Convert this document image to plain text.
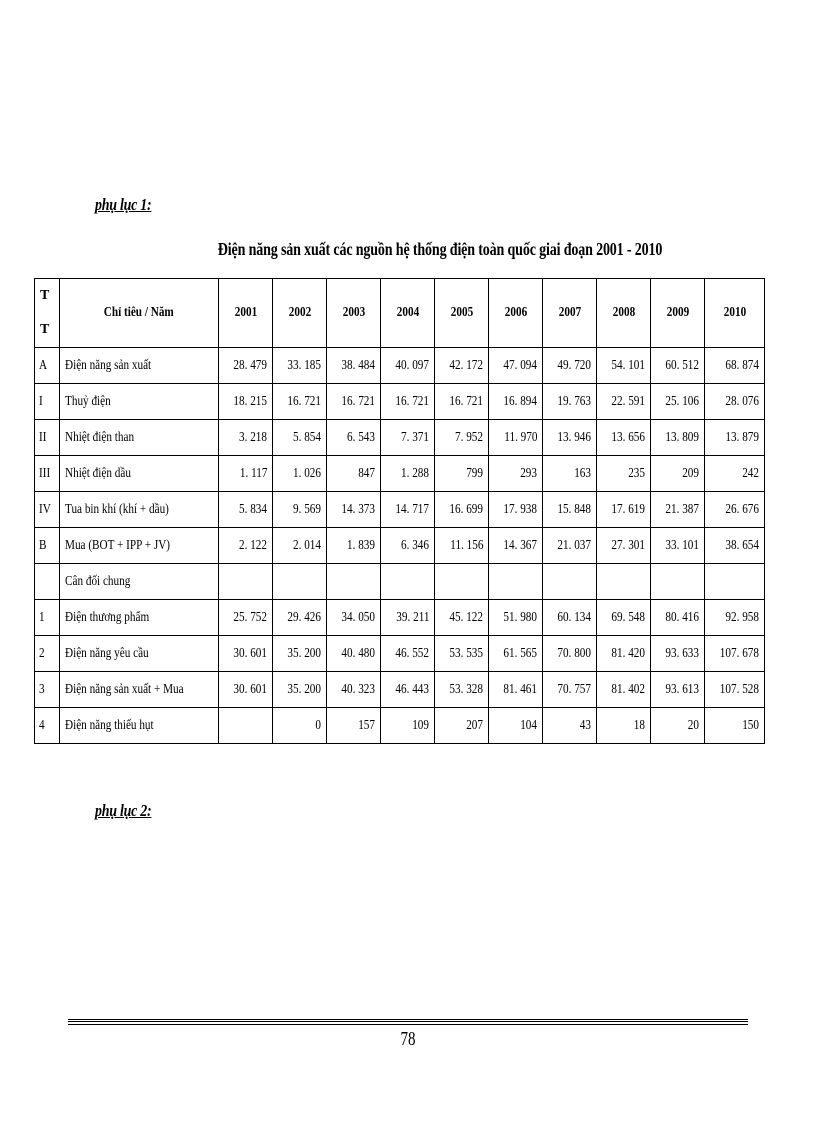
phụ lục 1:
Điện năng sản xuất các nguồn hệ thống điện toàn quốc giai đoạn 2001 - 2010
T
T	Chỉ tiêu / Năm	2001	2002	2003	2004	2005	2006	2007	2008	2009	2010
A	Điện năng sản xuất	28. 479	33. 185	38. 484	40. 097	42. 172	47. 094	49. 720	54. 101	60. 512	68. 874
I	Thuỷ điện	18. 215	16. 721	16. 721	16. 721	16. 721	16. 894	19. 763	22. 591	25. 106	28. 076
II	Nhiệt điện than	3. 218	5. 854	6. 543	7. 371	7. 952	11. 970	13. 946	13. 656	13. 809	13. 879
III	Nhiệt điện dầu	1. 117	1. 026	847	1. 288	799	293	163	235	209	242
IV	Tua bin khí (khí + dầu)	5. 834	9. 569	14. 373	14. 717	16. 699	17. 938	15. 848	17. 619	21. 387	26. 676
B	Mua (BOT + IPP + JV)	2. 122	2. 014	1. 839	6. 346	11. 156	14. 367	21. 037	27. 301	33. 101	38. 654
	Cân đối chung										
1	Điện thương phẩm	25. 752	29. 426	34. 050	39. 211	45. 122	51. 980	60. 134	69. 548	80. 416	92. 958
2	Điện năng yêu cầu	30. 601	35. 200	40. 480	46. 552	53. 535	61. 565	70. 800	81. 420	93. 633	107. 678
3	Điện năng sản xuất + Mua	30. 601	35. 200	40. 323	46. 443	53. 328	81. 461	70. 757	81. 402	93. 613	107. 528
4	Điện năng thiếu hụt		0	157	109	207	104	43	18	20	150
phụ lục 2:
78
